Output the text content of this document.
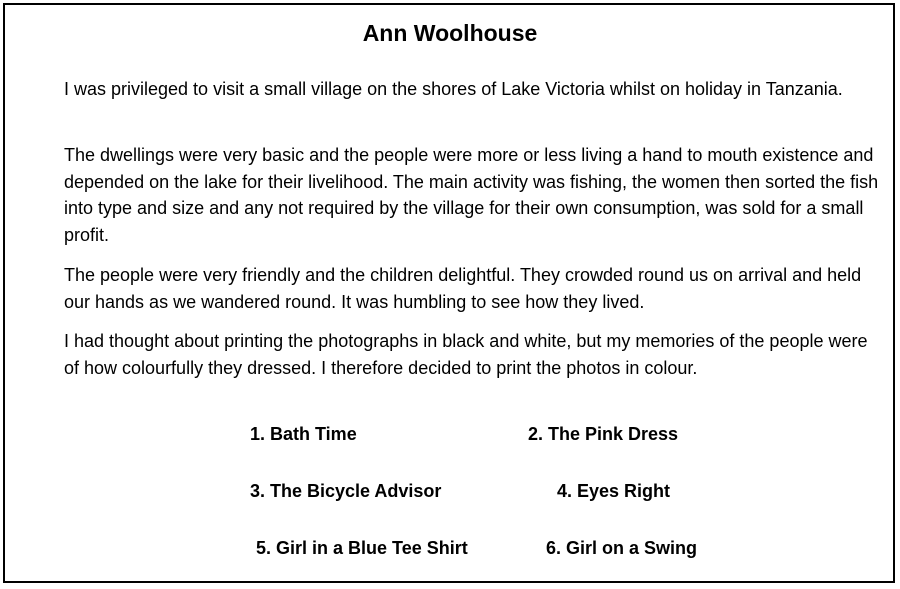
Ann Woolhouse

I was privileged to visit a small village on the shores of Lake Victoria whilst on holiday in Tanzania.

The dwellings were very basic and the people were more or less living a hand to mouth existence and depended on the lake for their livelihood. The main activity was fishing, the women then sorted the fish into type and size and any not required by the village for their own consumption, was sold for a small profit.

The people were very friendly and the children delightful. They crowded round us on arrival and held our hands as we wandered round. It was humbling to see how they lived.

I had thought about printing the photographs in black and white, but my memories of the people were of how colourfully they dressed. I therefore decided to print the photos in colour.

1. Bath Time	2. The Pink Dress
3. The Bicycle Advisor	4. Eyes Right
5. Girl in a Blue Tee Shirt	6. Girl on a Swing
